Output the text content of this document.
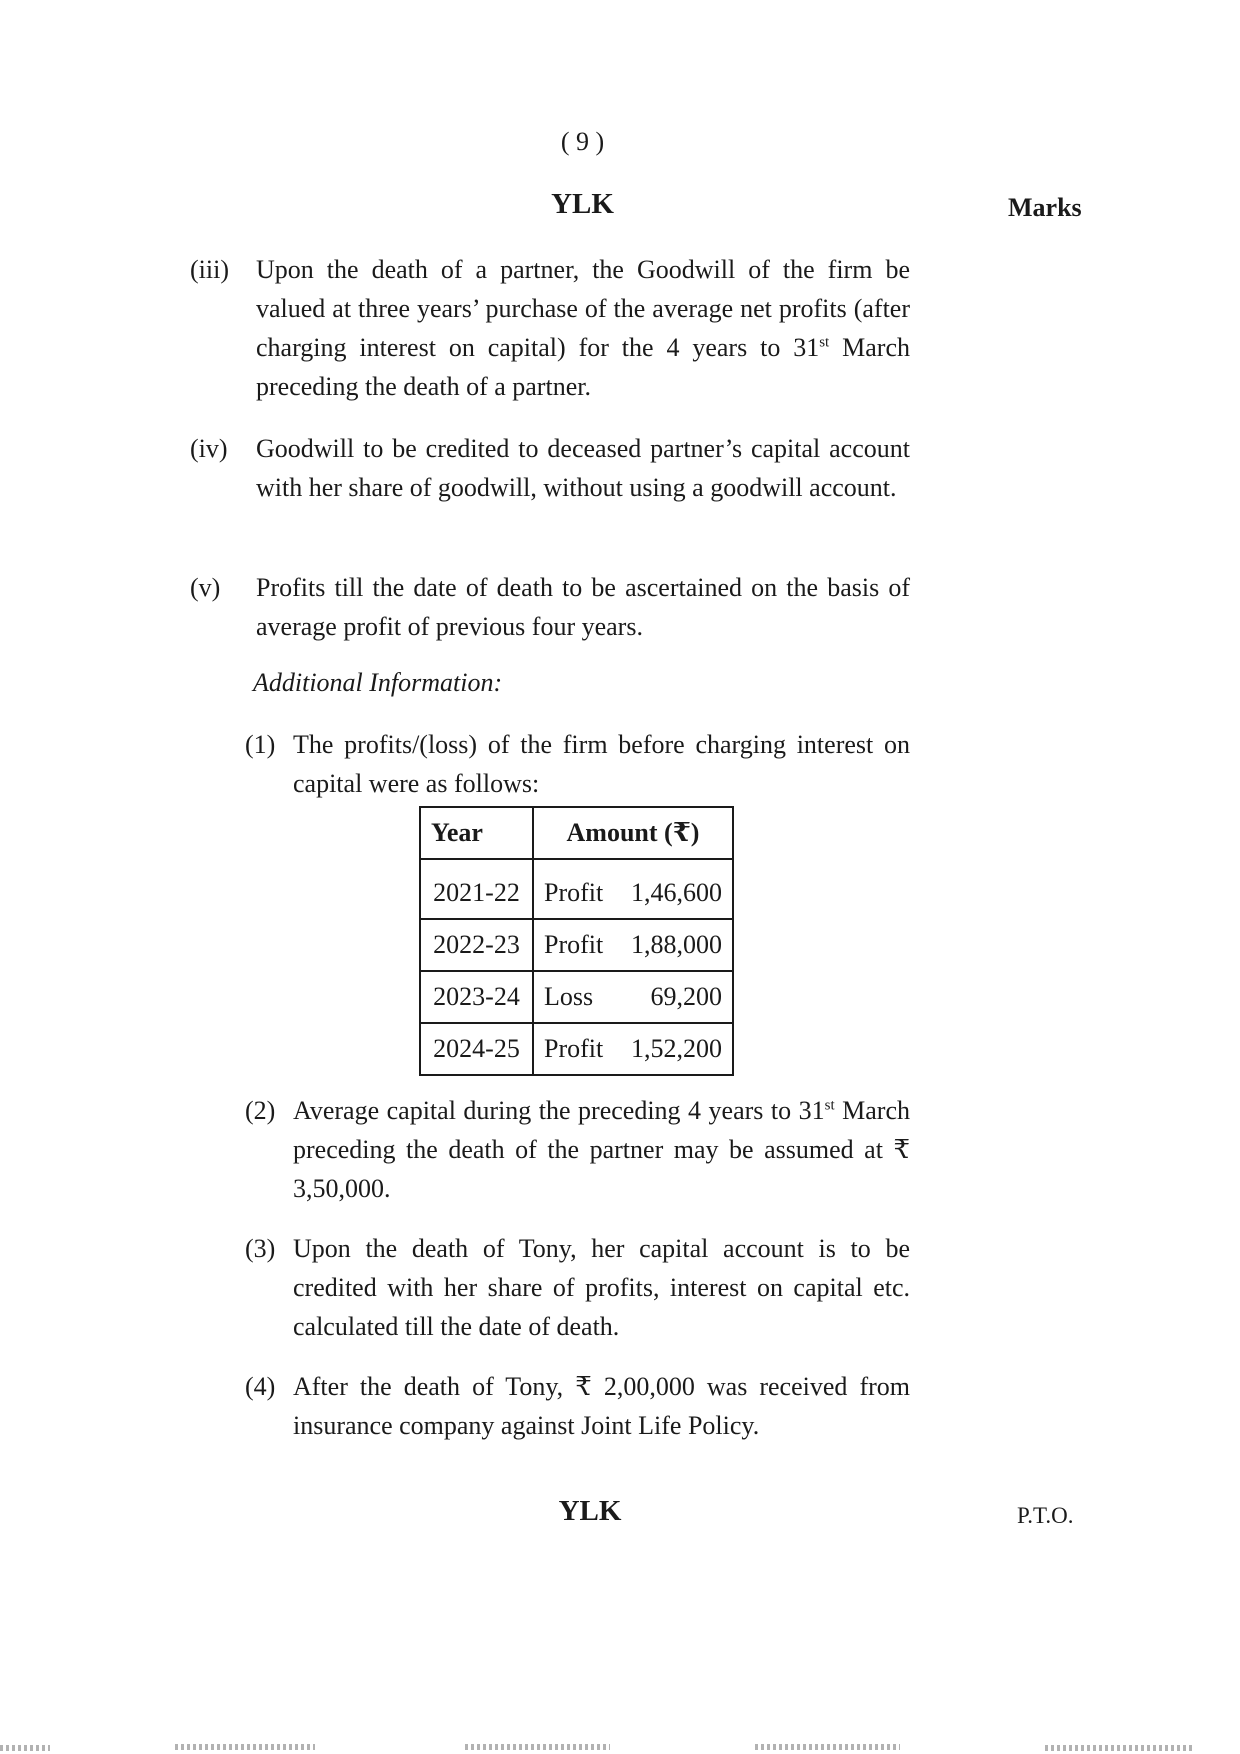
( 9 )
YLK	Marks
(iii) Upon the death of a partner, the Goodwill of the firm be valued at three years’ purchase of the average net profits (after charging interest on capital) for the 4 years to 31st March preceding the death of a partner.
(iv) Goodwill to be credited to deceased partner’s capital account with her share of goodwill, without using a goodwill account.
(v) Profits till the date of death to be ascertained on the basis of average profit of previous four years.
Additional Information:
(1) The profits/(loss) of the firm before charging interest on capital were as follows:
Year	Amount (₹)

2021-22	Profit 1,46,600

2022-23	Profit 1,88,000

2023-24	Loss 69,200

2024-25	Profit 1,52,200
(2) Average capital during the preceding 4 years to 31st March preceding the death of the partner may be assumed at ₹ 3,50,000.
(3) Upon the death of Tony, her capital account is to be credited with her share of profits, interest on capital etc. calculated till the date of death.
(4) After the death of Tony, ₹ 2,00,000 was received from insurance company against Joint Life Policy.
YLK	P.T.O.
